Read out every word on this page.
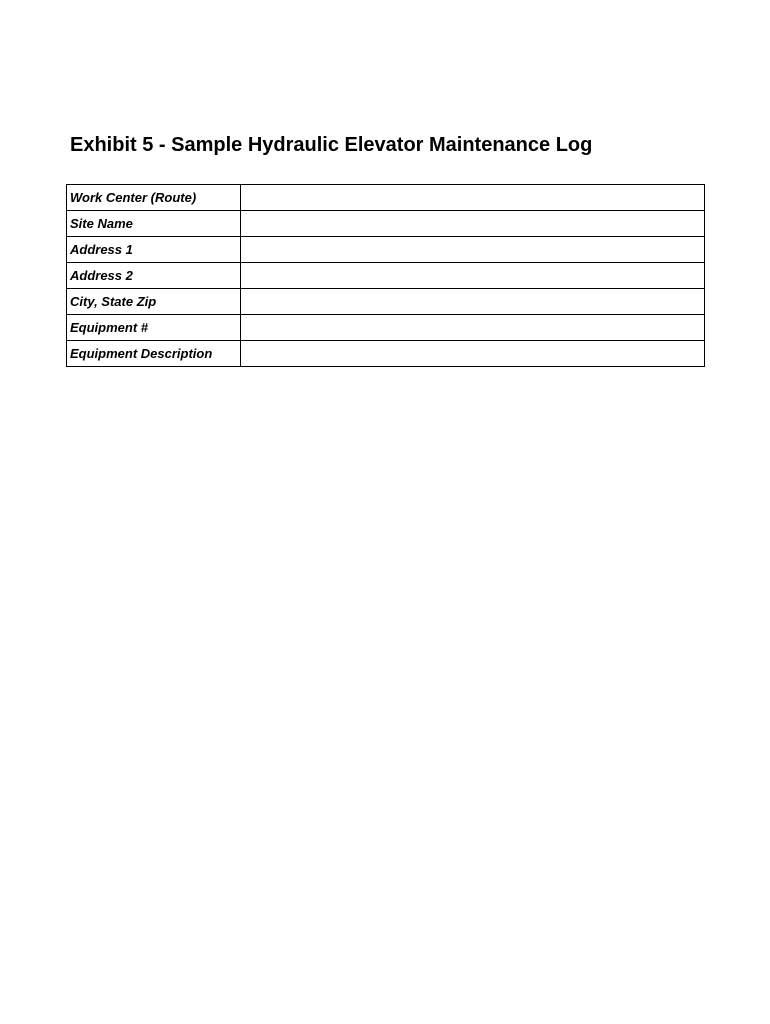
Exhibit 5 - Sample Hydraulic Elevator Maintenance Log
Work Center (Route)	
Site Name	
Address 1	
Address 2	
City, State Zip	
Equipment #	
Equipment Description	
